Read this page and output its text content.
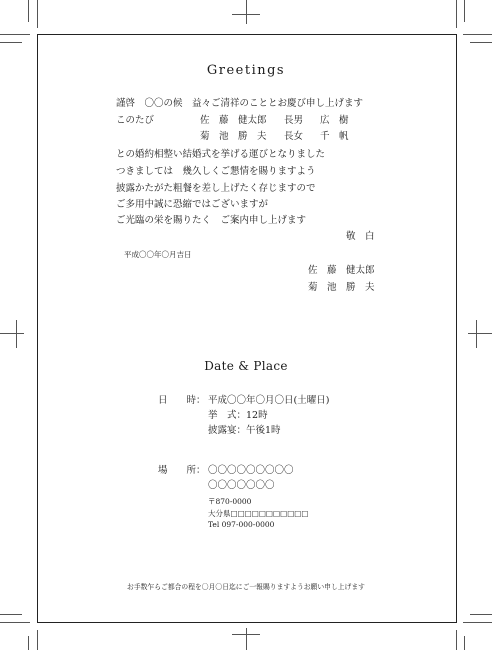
Greetings
謹啓　〇〇の候　益々ご清祥のこととお慶び申し上げます
このたび	佐　藤　健太郎 長男 広　樹
菊　池　勝　夫 長女 千　帆
との婚約相整い結婚式を挙げる運びとなりました
つきましては　幾久しくご懇情を賜りますよう
披露かたがた粗餐を差し上げたく存じますので
ご多用中誠に恐縮ではございますが
ご光臨の栄を賜りたく　ご案内申し上げます
敬　白
平成〇〇年〇月吉日
佐　藤　健太郎
菊　池　勝　夫
Date & Place
日　　時： 平成〇〇年〇月〇日(土曜日)
挙　式：12時
披露宴：午後1時
場　　所： 〇〇〇〇〇〇〇〇〇
〇〇〇〇〇〇〇
〒870-0000
大分県□□□□□□□□□□□
Tel 097-000-0000
お手数乍らご都合の程を〇月〇日迄にご一報賜りますようお願い申し上げます
